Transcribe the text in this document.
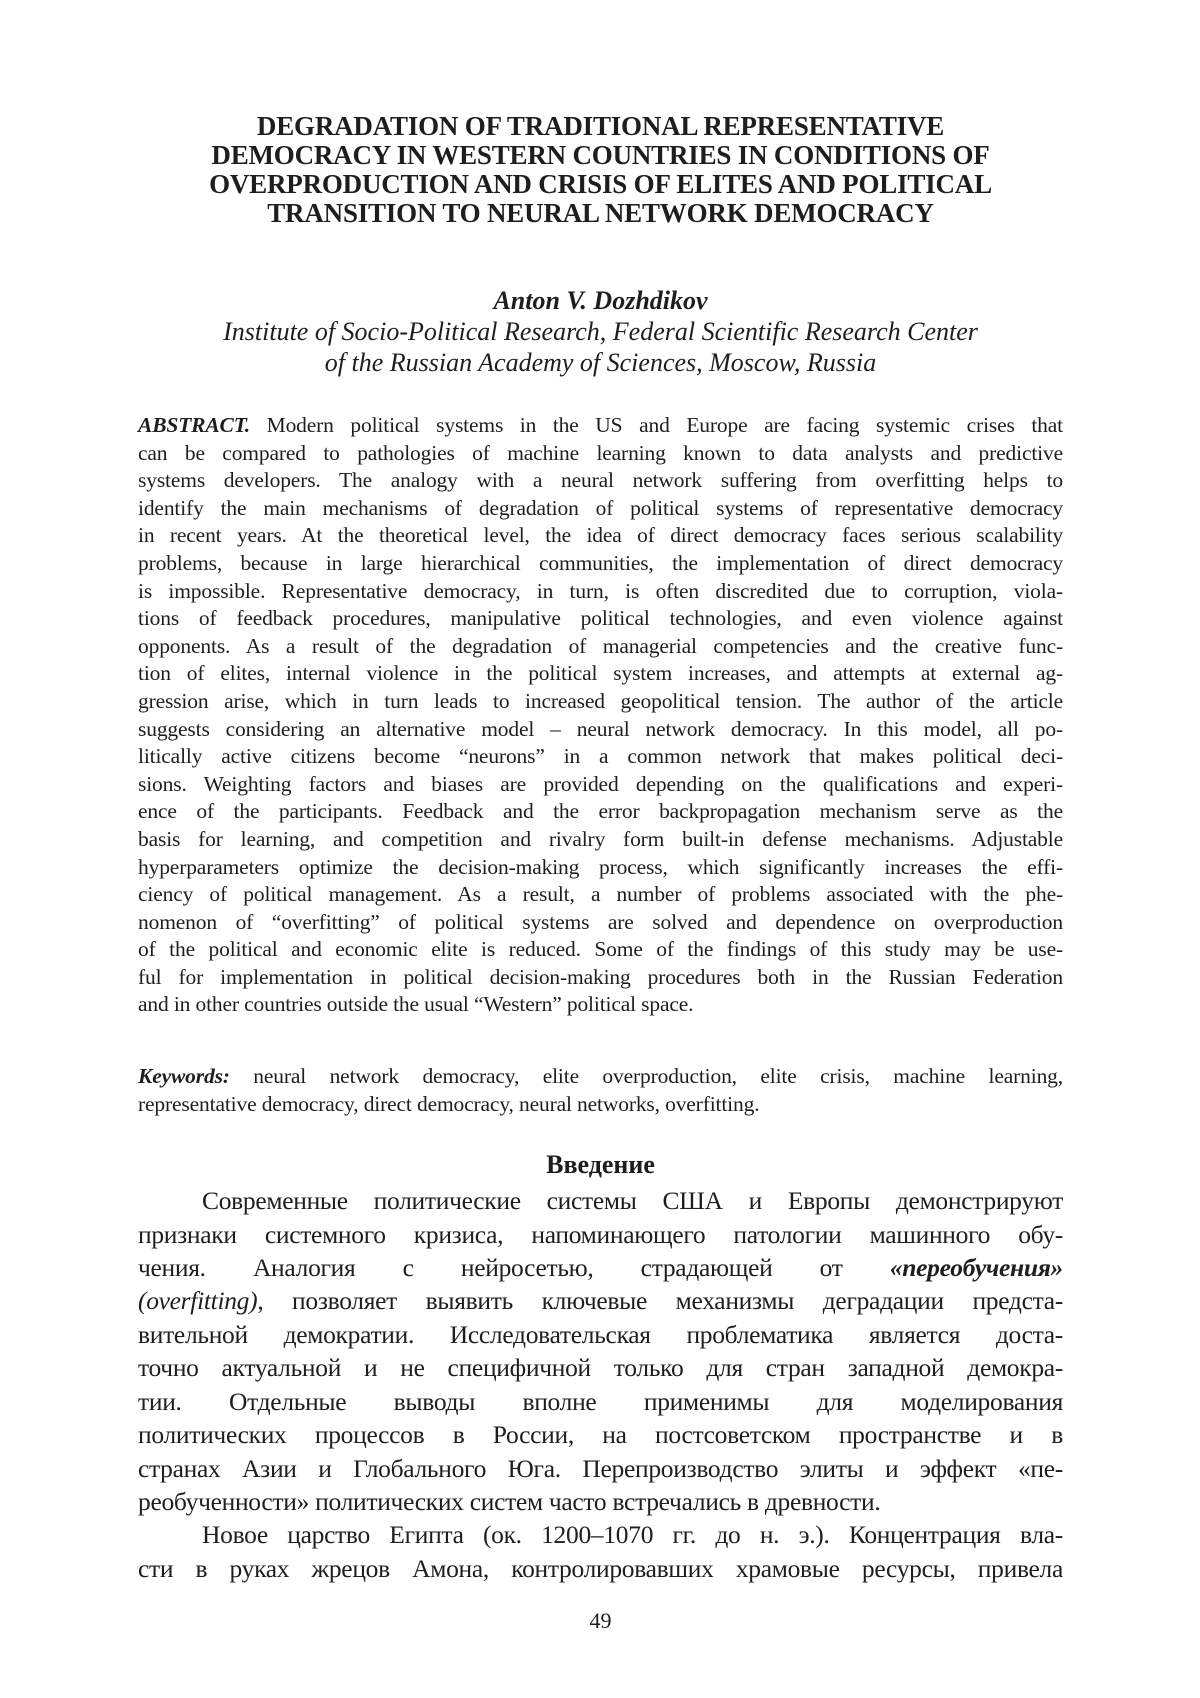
DEGRADATION OF TRADITIONAL REPRESENTATIVE
DEMOCRACY IN WESTERN COUNTRIES IN CONDITIONS OF
OVERPRODUCTION AND CRISIS OF ELITES AND POLITICAL
TRANSITION TO NEURAL NETWORK DEMOCRACY
Anton V. Dozhdikov
Institute of Socio-Political Research, Federal Scientific Research Center
of the Russian Academy of Sciences, Moscow, Russia
ABSTRACT. Modern political systems in the US and Europe are facing systemic crises that
can be compared to pathologies of machine learning known to data analysts and predictive
systems developers. The analogy with a neural network suffering from overfitting helps to
identify the main mechanisms of degradation of political systems of representative democracy
in recent years. At the theoretical level, the idea of direct democracy faces serious scalability
problems, because in large hierarchical communities, the implementation of direct democracy
is impossible. Representative democracy, in turn, is often discredited due to corruption, viola-
tions of feedback procedures, manipulative political technologies, and even violence against
opponents. As a result of the degradation of managerial competencies and the creative func-
tion of elites, internal violence in the political system increases, and attempts at external ag-
gression arise, which in turn leads to increased geopolitical tension. The author of the article
suggests considering an alternative model – neural network democracy. In this model, all po-
litically active citizens become “neurons” in a common network that makes political deci-
sions. Weighting factors and biases are provided depending on the qualifications and experi-
ence of the participants. Feedback and the error backpropagation mechanism serve as the
basis for learning, and competition and rivalry form built-in defense mechanisms. Adjustable
hyperparameters optimize the decision-making process, which significantly increases the effi-
ciency of political management. As a result, a number of problems associated with the phe-
nomenon of “overfitting” of political systems are solved and dependence on overproduction
of the political and economic elite is reduced. Some of the findings of this study may be use-
ful for implementation in political decision-making procedures both in the Russian Federation
and in other countries outside the usual “Western” political space.
Keywords: neural network democracy, elite overproduction, elite crisis, machine learning,
representative democracy, direct democracy, neural networks, overfitting.
Введение
Современные политические системы США и Европы демонстрируют
признаки системного кризиса, напоминающего патологии машинного обу-
чения. Аналогия с нейросетью, страдающей от «переобучения»
(overfitting), позволяет выявить ключевые механизмы деградации предста-
вительной демократии. Исследовательская проблематика является доста-
точно актуальной и не специфичной только для стран западной демокра-
тии. Отдельные выводы вполне применимы для моделирования
политических процессов в России, на постсоветском пространстве и в
странах Азии и Глобального Юга. Перепроизводство элиты и эффект «пе-
реобученности» политических систем часто встречались в древности.
Новое царство Египта (ок. 1200–1070 гг. до н. э.). Концентрация вла-
сти в руках жрецов Амона, контролировавших храмовые ресурсы, привела
49
